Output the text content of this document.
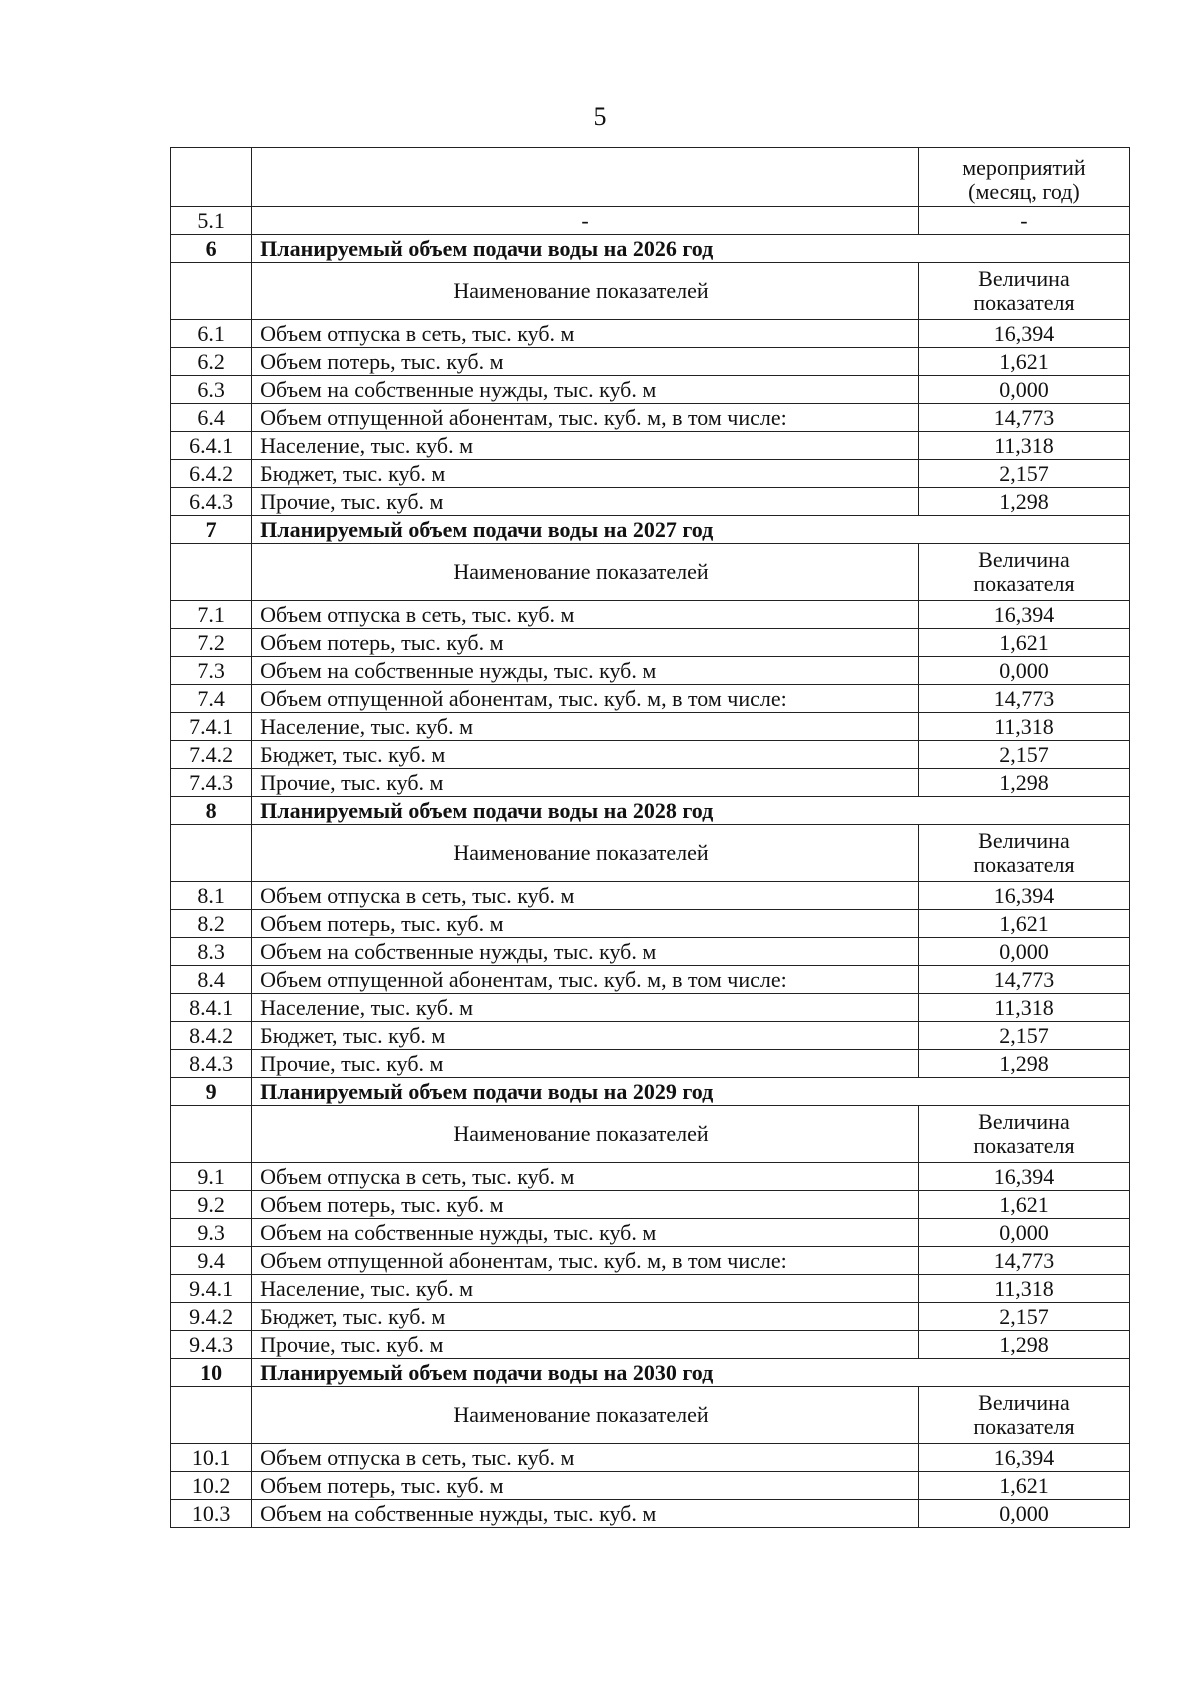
5

		мероприятий
(месяц, год)

5.1	-	-
6	Планируемый объем подачи воды на 2026 год	
	Наименование показателей	Величина
показателя

6.1	Объем отпуска в сеть, тыс. куб. м	16,394
6.2	Объем потерь, тыс. куб. м	1,621
6.3	Объем на собственные нужды, тыс. куб. м	0,000
6.4	Объем отпущенной абонентам, тыс. куб. м, в том числе:	14,773
6.4.1	Население, тыс. куб. м	11,318
6.4.2	Бюджет, тыс. куб. м	2,157
6.4.3	Прочие, тыс. куб. м	1,298
7	Планируемый объем подачи воды на 2027 год	
	Наименование показателей	Величина
показателя

7.1	Объем отпуска в сеть, тыс. куб. м	16,394
7.2	Объем потерь, тыс. куб. м	1,621
7.3	Объем на собственные нужды, тыс. куб. м	0,000
7.4	Объем отпущенной абонентам, тыс. куб. м, в том числе:	14,773
7.4.1	Население, тыс. куб. м	11,318
7.4.2	Бюджет, тыс. куб. м	2,157
7.4.3	Прочие, тыс. куб. м	1,298
8	Планируемый объем подачи воды на 2028 год	
	Наименование показателей	Величина
показателя

8.1	Объем отпуска в сеть, тыс. куб. м	16,394
8.2	Объем потерь, тыс. куб. м	1,621
8.3	Объем на собственные нужды, тыс. куб. м	0,000
8.4	Объем отпущенной абонентам, тыс. куб. м, в том числе:	14,773
8.4.1	Население, тыс. куб. м	11,318
8.4.2	Бюджет, тыс. куб. м	2,157
8.4.3	Прочие, тыс. куб. м	1,298
9	Планируемый объем подачи воды на 2029 год	
	Наименование показателей	Величина
показателя

9.1	Объем отпуска в сеть, тыс. куб. м	16,394
9.2	Объем потерь, тыс. куб. м	1,621
9.3	Объем на собственные нужды, тыс. куб. м	0,000
9.4	Объем отпущенной абонентам, тыс. куб. м, в том числе:	14,773
9.4.1	Население, тыс. куб. м	11,318
9.4.2	Бюджет, тыс. куб. м	2,157
9.4.3	Прочие, тыс. куб. м	1,298
10	Планируемый объем подачи воды на 2030 год	
	Наименование показателей	Величина
показателя

10.1	Объем отпуска в сеть, тыс. куб. м	16,394
10.2	Объем потерь, тыс. куб. м	1,621
10.3	Объем на собственные нужды, тыс. куб. м	0,000
